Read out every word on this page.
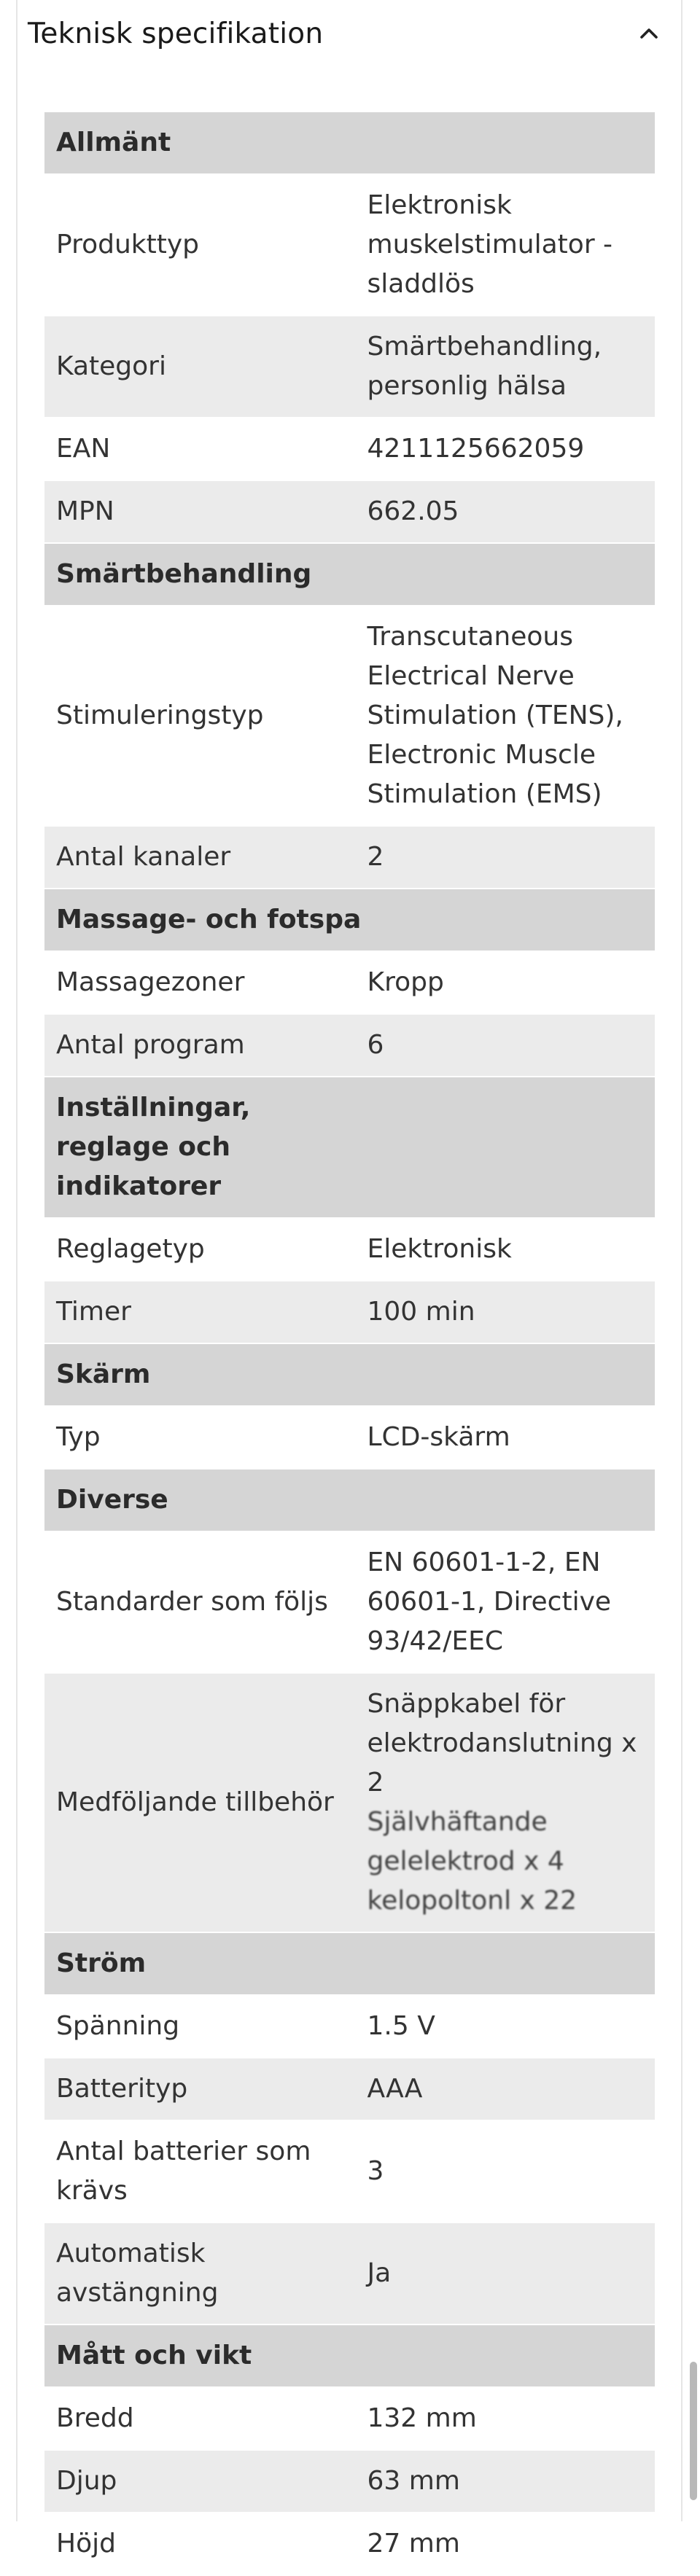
Teknisk specifikation
Allmänt	
Produkttyp	Elektronisk muskelstimulator - sladdlös
Kategori	Smärtbehandling, personlig hälsa
EAN	4211125662059
MPN	662.05
Smärtbehandling	
Stimuleringstyp	Transcutaneous Electrical Nerve Stimulation (TENS), Electronic Muscle Stimulation (EMS)
Antal kanaler	2
Massage- och fotspa	
Massagezoner	Kropp
Antal program	6
Inställningar, reglage och indikatorer	
Reglagetyp	Elektronisk
Timer	100 min
Skärm	
Typ	LCD-skärm
Diverse	
Standarder som följs	EN 60601-1-2, EN 60601-1, Directive 93/42/EEC
Medföljande tillbehör	Snäppkabel för elektrodanslutning x 2
Självhäftande gelelektrod x 4
kelopoltonl x 22

Ström	
Spänning	1.5 V
Batterityp	AAA
Antal batterier som krävs	3
Automatisk avstängning	Ja
Mått och vikt	
Bredd	132 mm
Djup	63 mm
Höjd	27 mm
